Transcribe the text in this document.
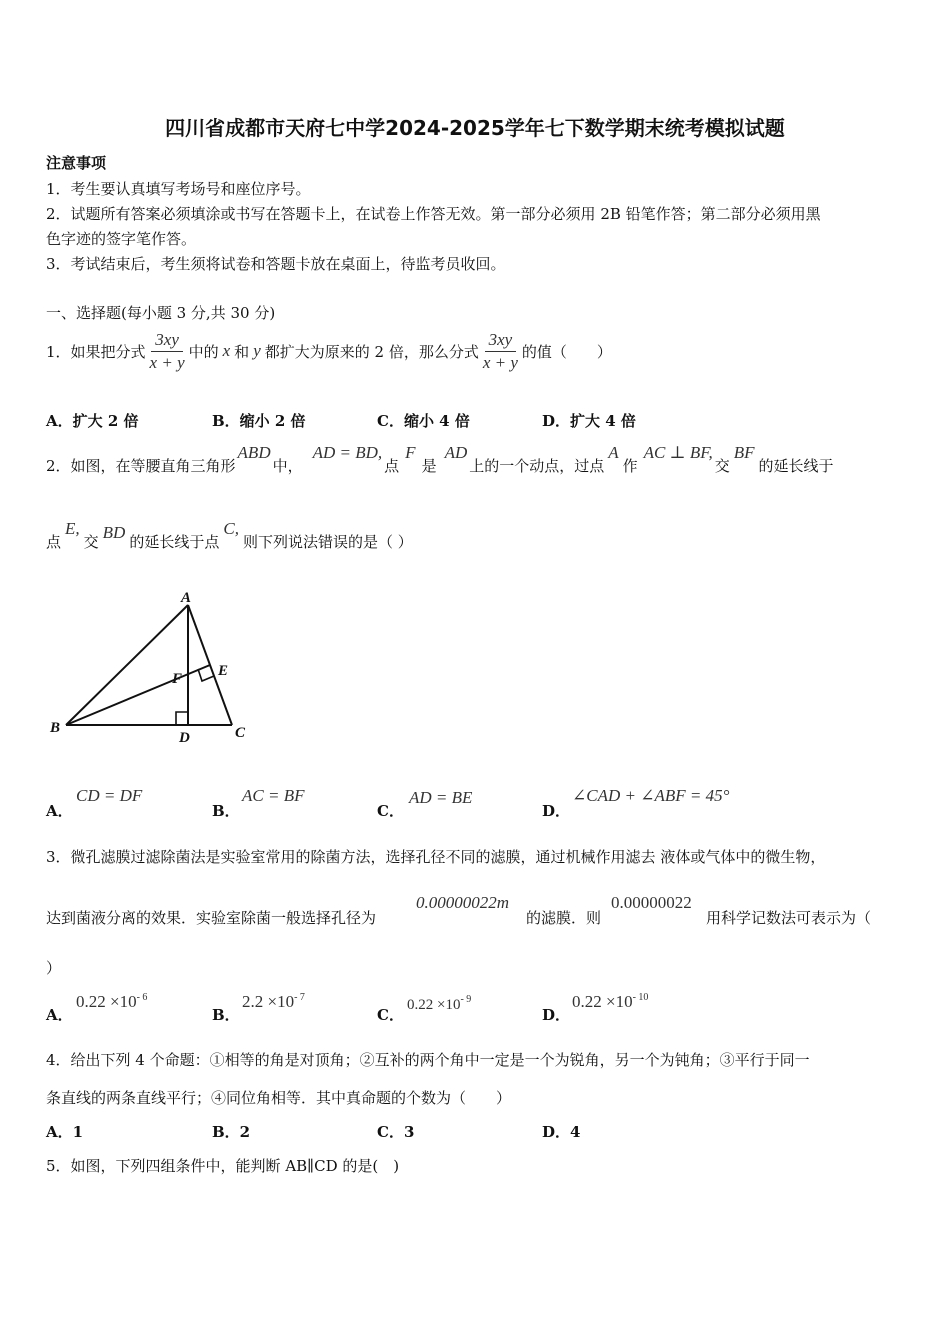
四川省成都市天府七中学2024-2025学年七下数学期末统考模拟试题
注意事项
1．考生要认真填写考场号和座位序号。
2．试题所有答案必须填涂或书写在答题卡上，在试卷上作答无效。第一部分必须用 2B 铅笔作答；第二部分必须用黑
色字迹的签字笔作答。
3．考试结束后，考生须将试卷和答题卡放在桌面上，待监考员收回。
一、选择题(每小题 3 分,共 30 分)
1．如果把分式 $\frac{3xy}{x + y}$ 中的 x 和 y 都扩大为原来的 2 倍，那么分式 $\frac{3xy}{x + y}$ 的值（　　）
A．扩大 2 倍	B．缩小 2 倍	C．缩小 4 倍	D．扩大 4 倍
2．如图，在等腰直角三角形
ABD
中，
AD = BD,
点
F
是
AD
上的一个动点，过点
A
作
AC ⊥ BF,
交
BF
的延长线于
点
E,
交 BD 的延长线于点
C,
则下列说法错误的是（ ）
A
B	C
D
E
F
A．
CD = DF
B．
AC = BF
C．
AD = BE
D．
∠CAD + ∠ABF = 45°
3．微孔滤膜过滤除菌法是实验室常用的除菌方法，选择孔径不同的滤膜，通过机械作用滤去 液体或气体中的微生物，
达到菌液分离的效果．实验室除菌一般选择孔径为
0.00000022m
的滤膜．则
0.00000022
用科学记数法可表示为（
）
A．
$0.22 \times 10^{- 6}$
B．
$2.2 \times 10^{- 7}$
C．
$0.22 \times 10^{- 9}$
D．
$0.22 \times 10^{- 10}$
4．给出下列 4 个命题：①相等的角是对顶角；②互补的两个角中一定是一个为锐角，另一个为钝角；③平行于同一
条直线的两条直线平行；④同位角相等．其中真命题的个数为（　　）
A．1	B．2	C．3	D．4
5．如图，下列四组条件中，能判断 AB∥CD 的是(　)
